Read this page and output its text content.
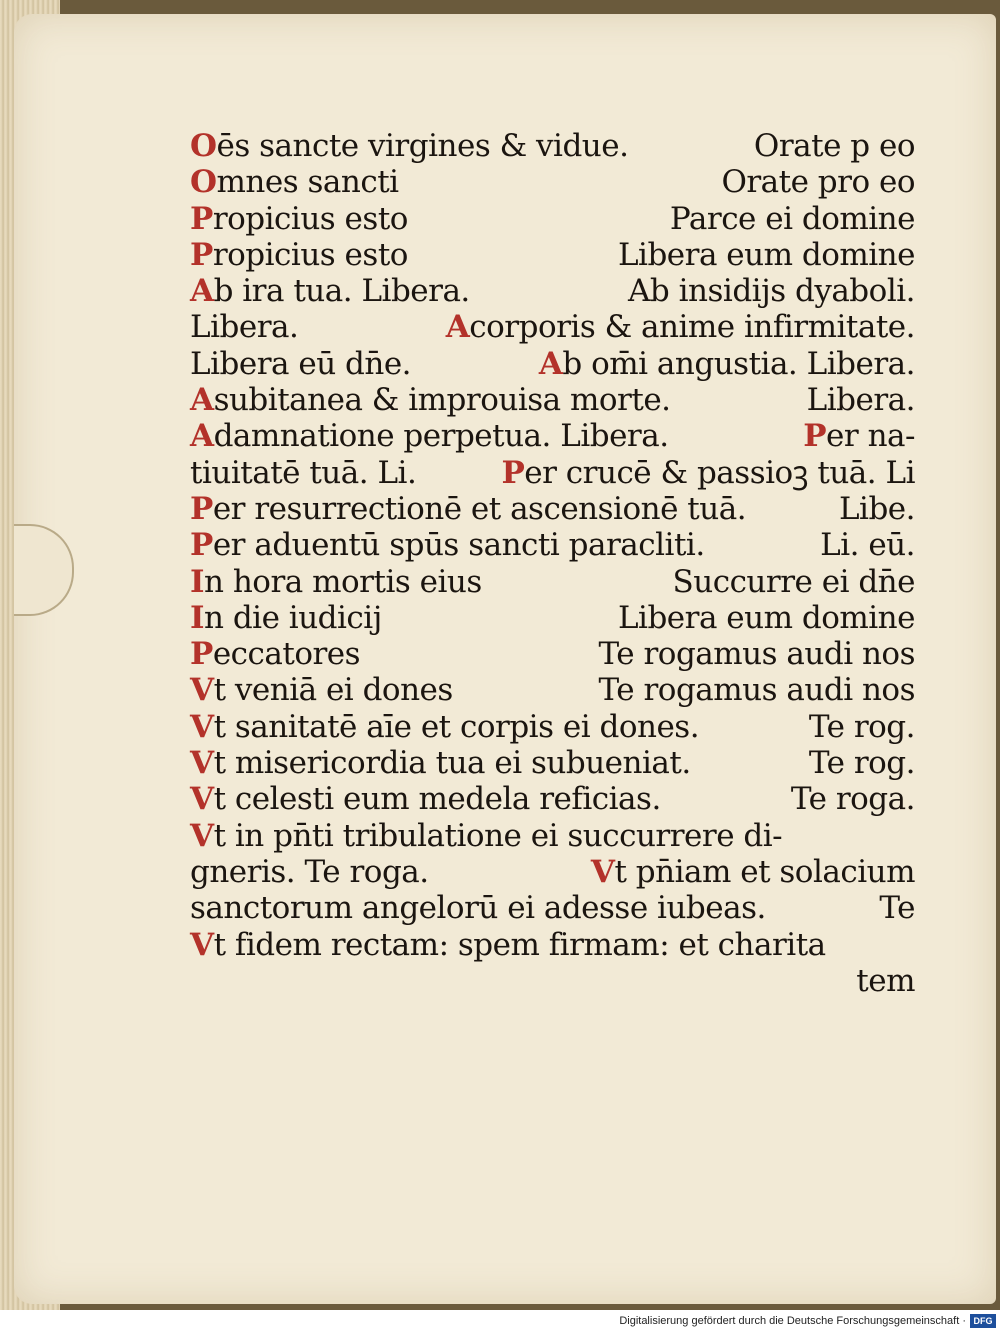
Oēs sancte virgines & vidue.	Orate p eo
Omnes sancti	Orate pro eo
Propicius esto	Parce ei domine
Propicius esto	Libera eum domine
Ab ira tua. Libera.	Ab insidijs dyaboli.
Libera.	Acorporis & anime infirmitate.
Libera eū dn̄e.	Ab om̄i angustia. Libera.
Asubitanea & improuisa morte.	Libera.
Adamnatione perpetua. Libera.	Per na-
tiuitatē tuā. Li.	Per crucē & passioꝫ tuā. Li
Per resurrectionē et ascensionē tuā.	Libe.
Per aduentū spūs sancti paracliti.	Li. eū.
In hora mortis eius	Succurre ei dn̄e
In die iudicij	Libera eum domine
Peccatores	Te rogamus audi nos
Vt veniā ei dones	Te rogamus audi nos
Vt sanitatē aīe et corpis ei dones.	Te rog.
Vt misericordia tua ei subueniat.	Te rog.
Vt celesti eum medela reficias.	Te roga.
Vt in pn̄ti tribulatione ei succurrere di-
gneris. Te roga.	Vt pn̄iam et solacium
sanctorum angelorū ei adesse iubeas.	Te
Vt fidem rectam: spem firmam: et charita
tem
Digitalisierung gefördert durch die Deutsche Forschungsgemeinschaft · DFG
